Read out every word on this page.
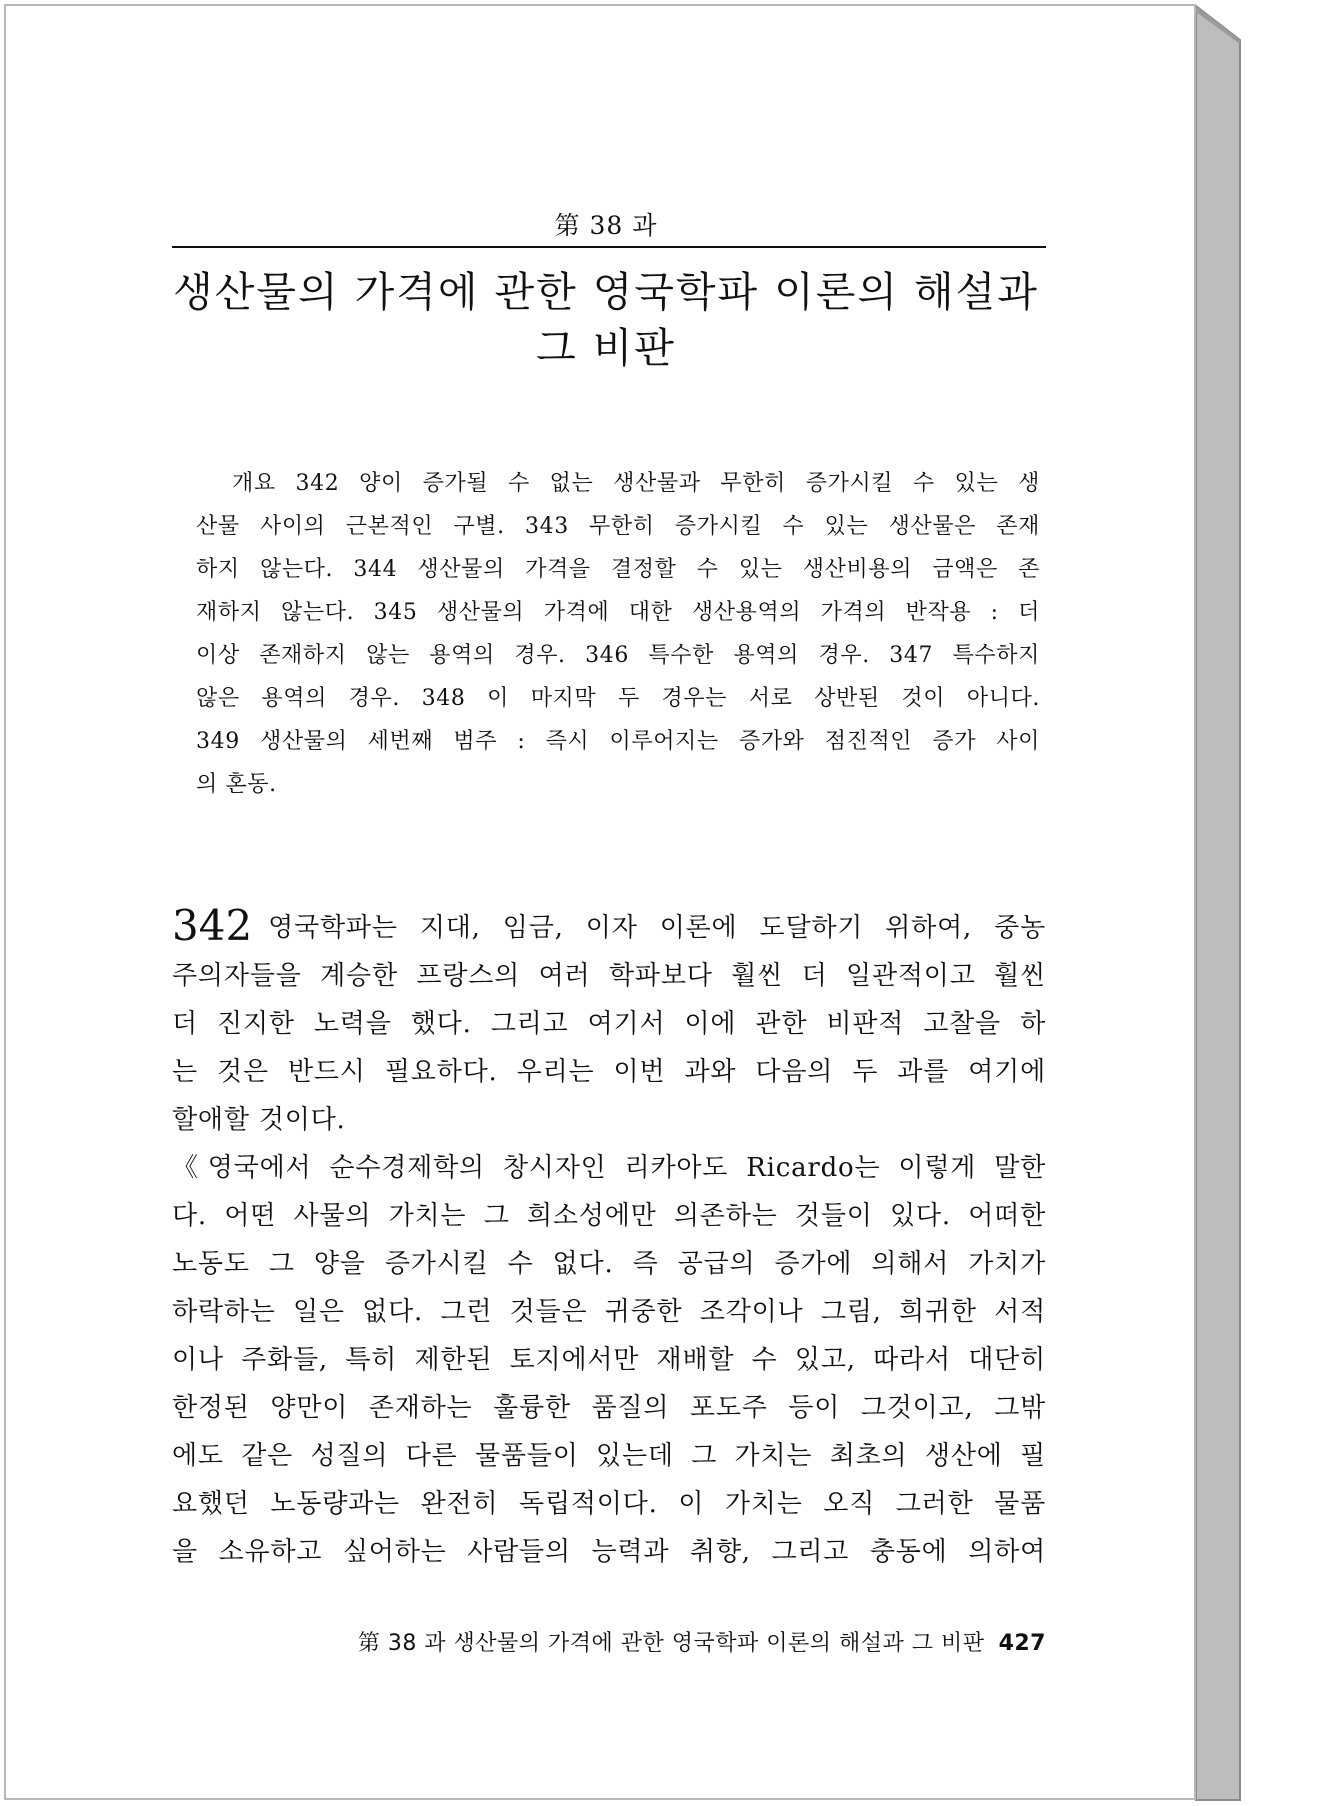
第 38 과
생산물의 가격에 관한 영국학파 이론의 해설과
그 비판
개요 342 양이 증가될 수 없는 생산물과 무한히 증가시킬 수 있는 생
산물 사이의 근본적인 구별. 343 무한히 증가시킬 수 있는 생산물은 존재
하지 않는다. 344 생산물의 가격을 결정할 수 있는 생산비용의 금액은 존
재하지 않는다. 345 생산물의 가격에 대한 생산용역의 가격의 반작용 : 더
이상 존재하지 않는 용역의 경우. 346 특수한 용역의 경우. 347 특수하지
않은 용역의 경우. 348 이 마지막 두 경우는 서로 상반된 것이 아니다.
349 생산물의 세번째 범주 : 즉시 이루어지는 증가와 점진적인 증가 사이
의 혼동.
342 영국학파는 지대, 임금, 이자 이론에 도달하기 위하여, 중농
주의자들을 계승한 프랑스의 여러 학파보다 훨씬 더 일관적이고 훨씬
더 진지한 노력을 했다. 그리고 여기서 이에 관한 비판적 고찰을 하
는 것은 반드시 필요하다. 우리는 이번 과와 다음의 두 과를 여기에
할애할 것이다.
《영국에서 순수경제학의 창시자인 리카아도 Ricardo는 이렇게 말한
다. 어떤 사물의 가치는 그 희소성에만 의존하는 것들이 있다. 어떠한
노동도 그 양을 증가시킬 수 없다. 즉 공급의 증가에 의해서 가치가
하락하는 일은 없다. 그런 것들은 귀중한 조각이나 그림, 희귀한 서적
이나 주화들, 특히 제한된 토지에서만 재배할 수 있고, 따라서 대단히
한정된 양만이 존재하는 훌륭한 품질의 포도주 등이 그것이고, 그밖
에도 같은 성질의 다른 물품들이 있는데 그 가치는 최초의 생산에 필
요했던 노동량과는 완전히 독립적이다. 이 가치는 오직 그러한 물품
을 소유하고 싶어하는 사람들의 능력과 취향, 그리고 충동에 의하여
第 38 과 생산물의 가격에 관한 영국학파 이론의 해설과 그 비판 427
